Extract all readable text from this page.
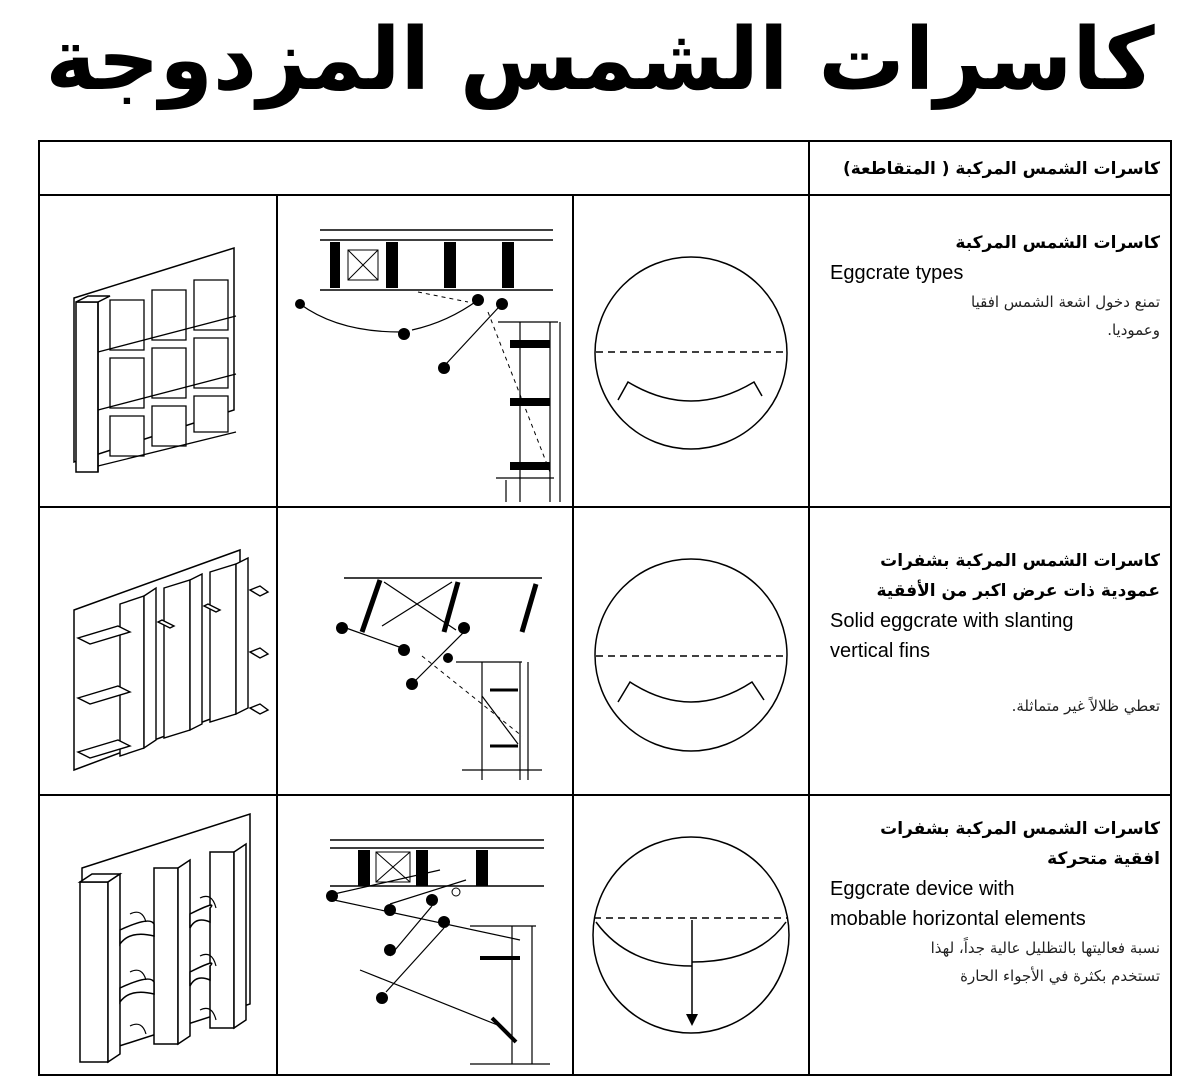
كاسرات الشمس المزدوجة
كاسرات الشمس المركبة ( المتقاطعة)
كاسرات الشمس المركبة
Eggcrate types
تمنع دخول اشعة الشمس افقيا
وعموديا.
كاسرات الشمس المركبة بشفرات
عمودية ذات عرض اكبر من الأفقية
Solid eggcrate with slanting
vertical fins
تعطي ظلالاً غير متماثلة.
كاسرات الشمس المركبة بشفرات
افقية متحركة
Eggcrate device with
mobable horizontal elements
نسبة فعاليتها بالتظليل عالية جداً، لهذا
تستخدم بكثرة في الأجواء الحارة
